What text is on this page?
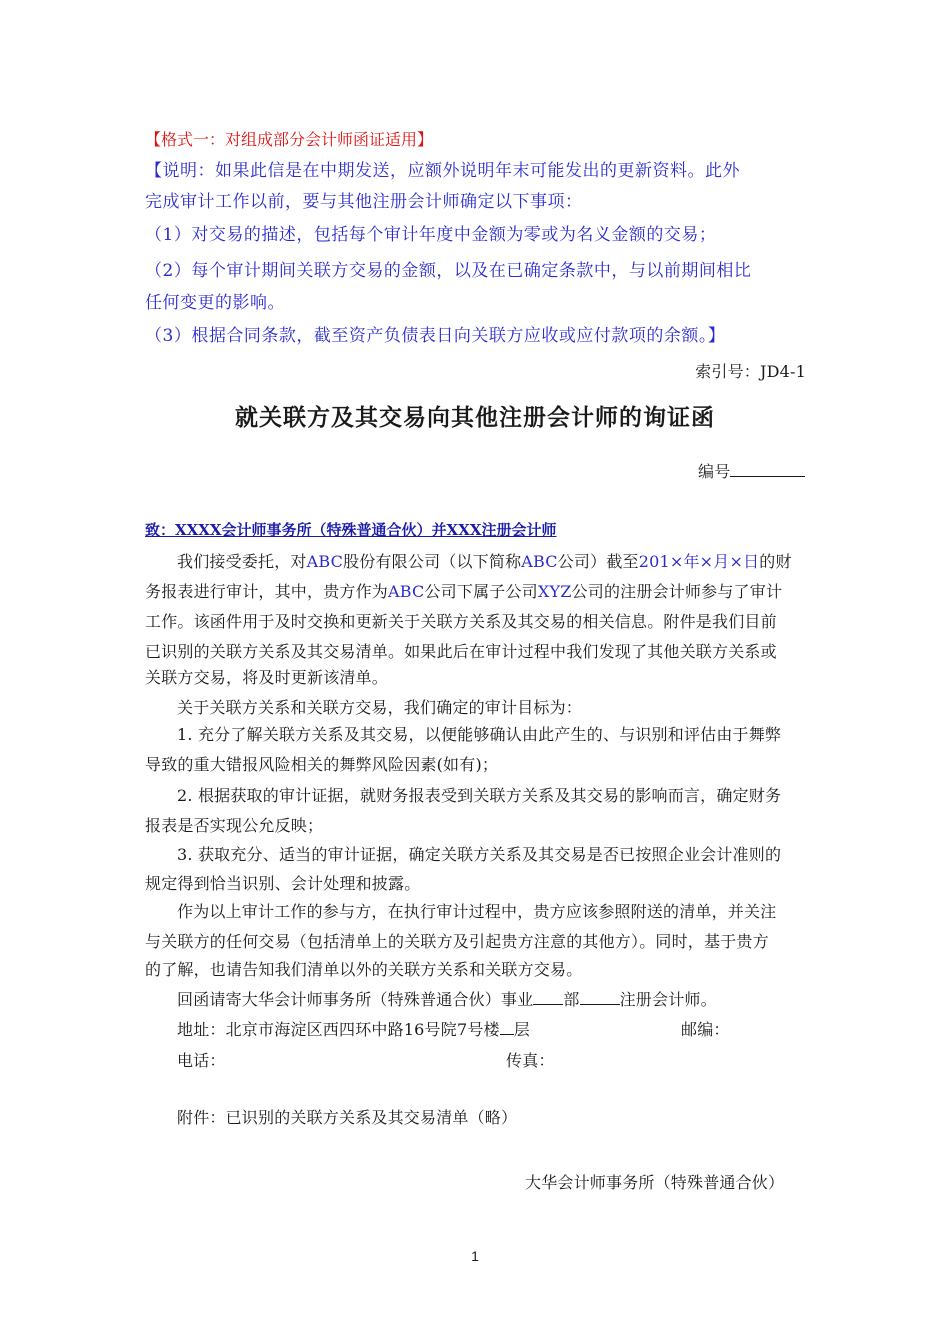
【格式一：对组成部分会计师函证适用】
【说明：如果此信是在中期发送，应额外说明年末可能发出的更新资料。此外
完成审计工作以前，要与其他注册会计师确定以下事项：
（1）对交易的描述，包括每个审计年度中金额为零或为名义金额的交易；
（2）每个审计期间关联方交易的金额，以及在已确定条款中，与以前期间相比
任何变更的影响。
（3）根据合同条款，截至资产负债表日向关联方应收或应付款项的余额。】
索引号：JD4-1
就关联方及其交易向其他注册会计师的询证函
编号
致：XXXX会计师事务所（特殊普通合伙）并XXX注册会计师
我们接受委托，对ABC股份有限公司（以下简称ABC公司）截至201×年×月×日的财
务报表进行审计，其中，贵方作为ABC公司下属子公司XYZ公司的注册会计师参与了审计
工作。该函件用于及时交换和更新关于关联方关系及其交易的相关信息。附件是我们目前
已识别的关联方关系及其交易清单。如果此后在审计过程中我们发现了其他关联方关系或
关联方交易，将及时更新该清单。
关于关联方关系和关联方交易，我们确定的审计目标为：
1. 充分了解关联方关系及其交易，以便能够确认由此产生的、与识别和评估由于舞弊
导致的重大错报风险相关的舞弊风险因素(如有)；
2. 根据获取的审计证据，就财务报表受到关联方关系及其交易的影响而言，确定财务
报表是否实现公允反映；
3. 获取充分、适当的审计证据，确定关联方关系及其交易是否已按照企业会计准则的
规定得到恰当识别、会计处理和披露。
作为以上审计工作的参与方，在执行审计过程中，贵方应该参照附送的清单，并关注
与关联方的任何交易（包括清单上的关联方及引起贵方注意的其他方）。同时，基于贵方
的了解，也请告知我们清单以外的关联方关系和关联方交易。
回函请寄大华会计师事务所（特殊普通合伙）事业 部	注册会计师。
地址：北京市海淀区西四环中路16号院7号楼 层	邮编：
电话：	传真：
附件：已识别的关联方关系及其交易清单（略）
大华会计师事务所（特殊普通合伙）
1
